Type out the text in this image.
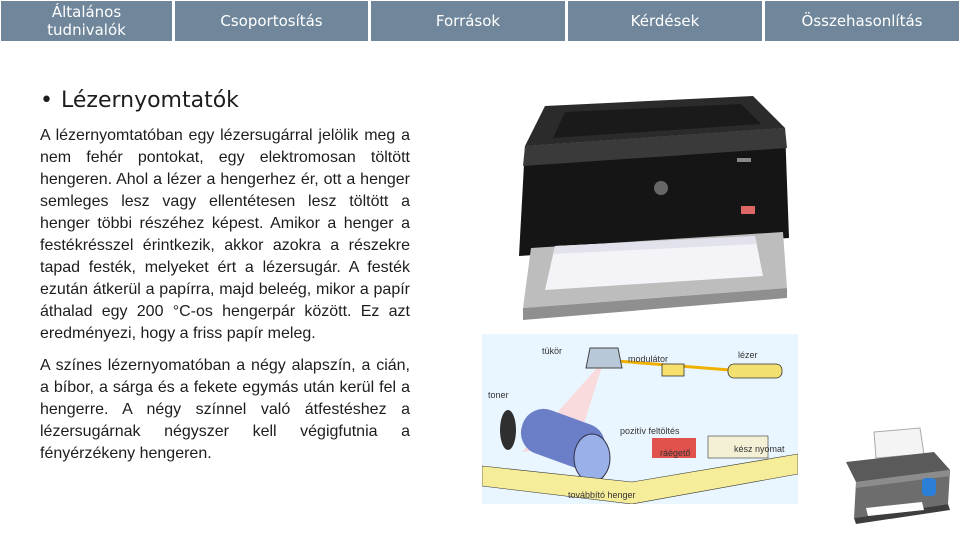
Általános
tudnivalók	Csoportosítás	Források	Kérdések	Összehasonlítás
• Lézernyomtatók

A lézernyomtatóban egy lézersugárral jelölik meg a nem fehér pontokat, egy elektromosan töltött hengeren. Ahol a lézer a hengerhez ér, ott a henger semleges lesz vagy ellentétesen lesz töltött a henger többi részéhez képest. Amikor a henger a festékrésszel érintkezik, akkor azokra a részekre tapad festék, melyeket ért a lézersugár. A festék ezután átkerül a papírra, majd beleég, mikor a papír áthalad egy 200 °C-os hengerpár között. Ez azt eredményezi, hogy a friss papír meleg.

A színes lézernyomatóban a négy alapszín, a cián, a bíbor, a sárga és a fekete egymás után kerül fel a hengerre. A négy színnel való átfestéshez a lézersugárnak négyszer kell végigfutnia a fényérzékeny hengeren.

tükör
modulátor	lézer
toner
pozitív feltöltés
ráégető	kész nyomat
továbbító henger
